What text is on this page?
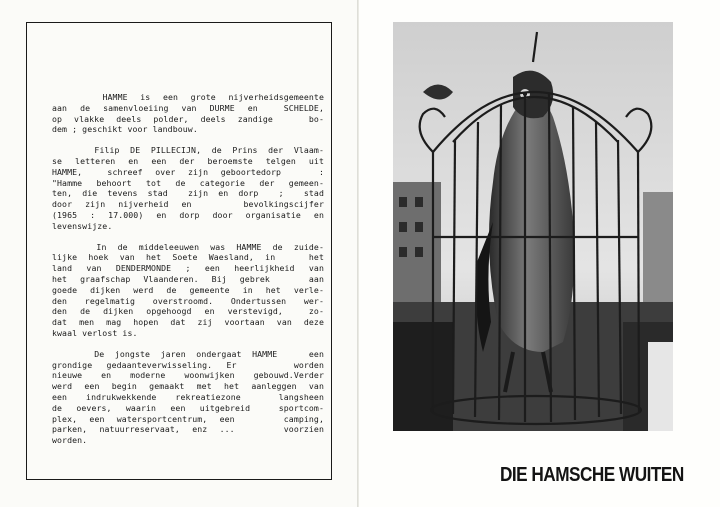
HAMME is een grote nijverheidsgemeente
aan de samenvloeiing van DURME en  SCHELDE,
op vlakke deels polder, deels zandige   bo-
dem ; geschikt voor landbouw.
Filip DE PILLECIJN, de Prins der Vlaam-
se letteren en een der beroemste telgen uit
HAMME,  schreef over zijn geboortedorp   :
"Hamme behoort tot de categorie der gemeen-
ten, die tevens stad  zijn en dorp  ;  stad
door zijn nijverheid en    bevolkingscijfer
(1965 : 17.000) en dorp door organisatie en
levenswijze.
In de middeleeuwen was HAMME de zuide-
lijke hoek van het Soete Waesland, in   het
land van DENDERMONDE ; een heerlijkheid van
het graafschap Vlaanderen. Bij gebrek   aan
goede dijken werd de gemeente in het verle-
den regelmatig overstroomd. Ondertussen wer-
den de dijken opgehoogd en verstevigd,  zo-
dat men mag hopen dat zij voortaan van deze
kwaal verlost is.
De jongste jaren ondergaat HAMME   een
grondige gedaanteverwisseling. Er    worden
nieuwe en moderne woonwijken gebouwd.Verder
werd een begin gemaakt met het aanleggen van
een indrukwekkende rekreatiezone  langsheen
de oevers, waarin een uitgebreid  sportcom-
plex, een watersportcentrum, een    camping,
parken, natuurreservaat, enz ...    voorzien
worden.
DIE HAMSCHE WUITEN
